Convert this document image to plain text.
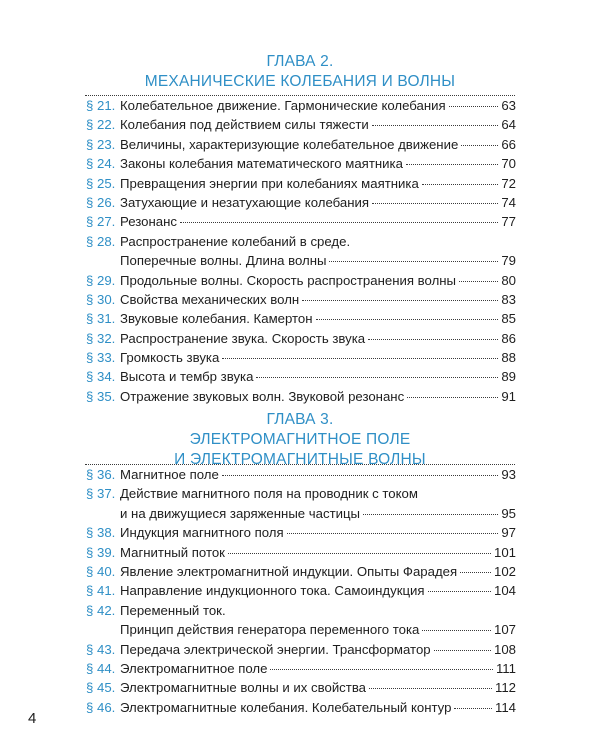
ГЛАВА 2.
МЕХАНИЧЕСКИЕ КОЛЕБАНИЯ И ВОЛНЫ
§ 21. Колебательное движение. Гармонические колебания	63
§ 22. Колебания под действием силы тяжести	64
§ 23. Величины, характеризующие колебательное движение	66
§ 24. Законы колебания математического маятника	70
§ 25. Превращения энергии при колебаниях маятника	72
§ 26. Затухающие и незатухающие колебания	74
§ 27. Резонанс	77
§ 28. Распространение колебаний в среде.
Поперечные волны. Длина волны	79
§ 29. Продольные волны. Скорость распространения волны	80
§ 30. Свойства механических волн	83
§ 31. Звуковые колебания. Камертон	85
§ 32. Распространение звука. Скорость звука	86
§ 33. Громкость звука	88
§ 34. Высота и тембр звука	89
§ 35. Отражение звуковых волн. Звуковой резонанс	91
ГЛАВА 3.
ЭЛЕКТРОМАГНИТНОЕ ПОЛЕ
И ЭЛЕКТРОМАГНИТНЫЕ ВОЛНЫ
§ 36. Магнитное поле	93
§ 37. Действие магнитного поля на проводник с током
и на движущиеся заряженные частицы	95
§ 38. Индукция магнитного поля	97
§ 39. Магнитный поток	101
§ 40. Явление электромагнитной индукции. Опыты Фарадея	102
§ 41. Направление индукционного тока. Самоиндукция	104
§ 42. Переменный ток.
Принцип действия генератора переменного тока	107
§ 43. Передача электрической энергии. Трансформатор	108
§ 44. Электромагнитное поле	111
§ 45. Электромагнитные волны и их свойства	112
§ 46. Электромагнитные колебания. Колебательный контур	114
4
